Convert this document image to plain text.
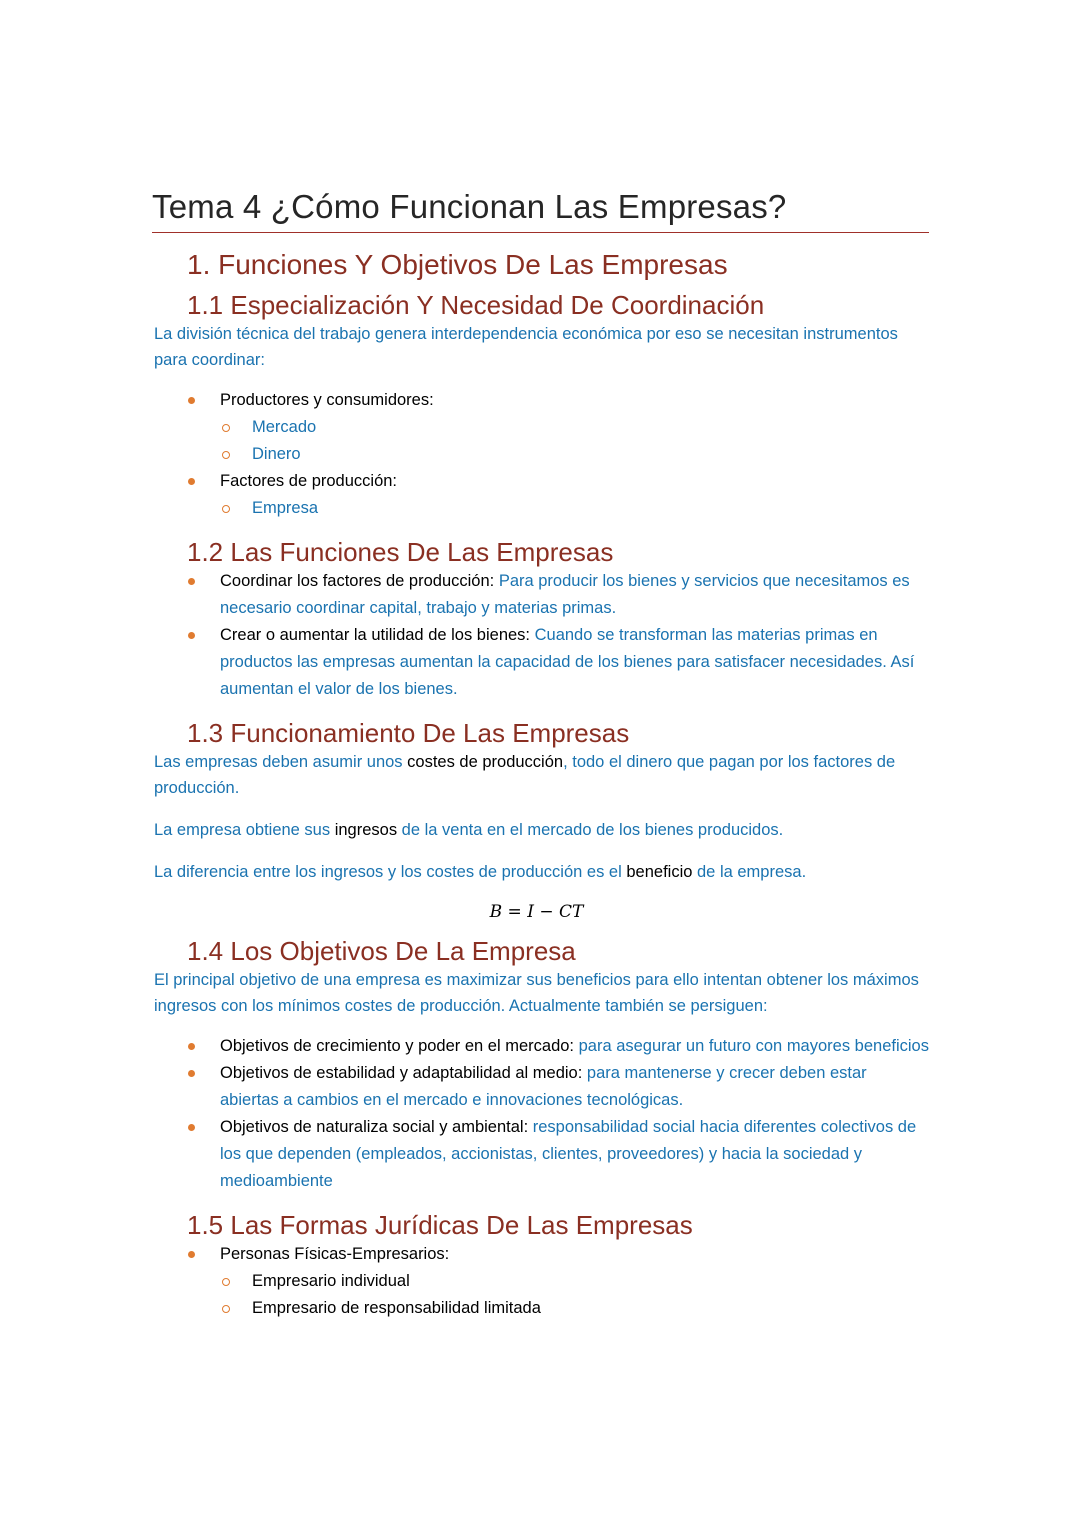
Tema 4 ¿Cómo Funcionan Las Empresas?
1. Funciones Y Objetivos De Las Empresas
1.1 Especialización Y Necesidad De Coordinación

La división técnica del trabajo genera interdependencia económica por eso se necesitan instrumentos para coordinar:

Productores y consumidores:
Mercado
Dinero
Factores de producción:
Empresa
1.2 Las Funciones De Las Empresas
Coordinar los factores de producción: Para producir los bienes y servicios que necesitamos es necesario coordinar capital, trabajo y materias primas.
Crear o aumentar la utilidad de los bienes: Cuando se transforman las materias primas en productos las empresas aumentan la capacidad de los bienes para satisfacer necesidades. Así aumentan el valor de los bienes.
1.3 Funcionamiento De Las Empresas

Las empresas deben asumir unos costes de producción, todo el dinero que pagan por los factores de producción.

La empresa obtiene sus ingresos de la venta en el mercado de los bienes producidos.

La diferencia entre los ingresos y los costes de producción es el beneficio de la empresa.

B = I − CT
1.4 Los Objetivos De La Empresa

El principal objetivo de una empresa es maximizar sus beneficios para ello intentan obtener los máximos ingresos con los mínimos costes de producción. Actualmente también se persiguen:

Objetivos de crecimiento y poder en el mercado: para asegurar un futuro con mayores beneficios
Objetivos de estabilidad y adaptabilidad al medio: para mantenerse y crecer deben estar abiertas a cambios en el mercado e innovaciones tecnológicas.
Objetivos de naturaliza social y ambiental: responsabilidad social hacia diferentes colectivos de los que dependen (empleados, accionistas, clientes, proveedores) y hacia la sociedad y medioambiente
1.5 Las Formas Jurídicas De Las Empresas
Personas Físicas-Empresarios:
Empresario individual
Empresario de responsabilidad limitada
